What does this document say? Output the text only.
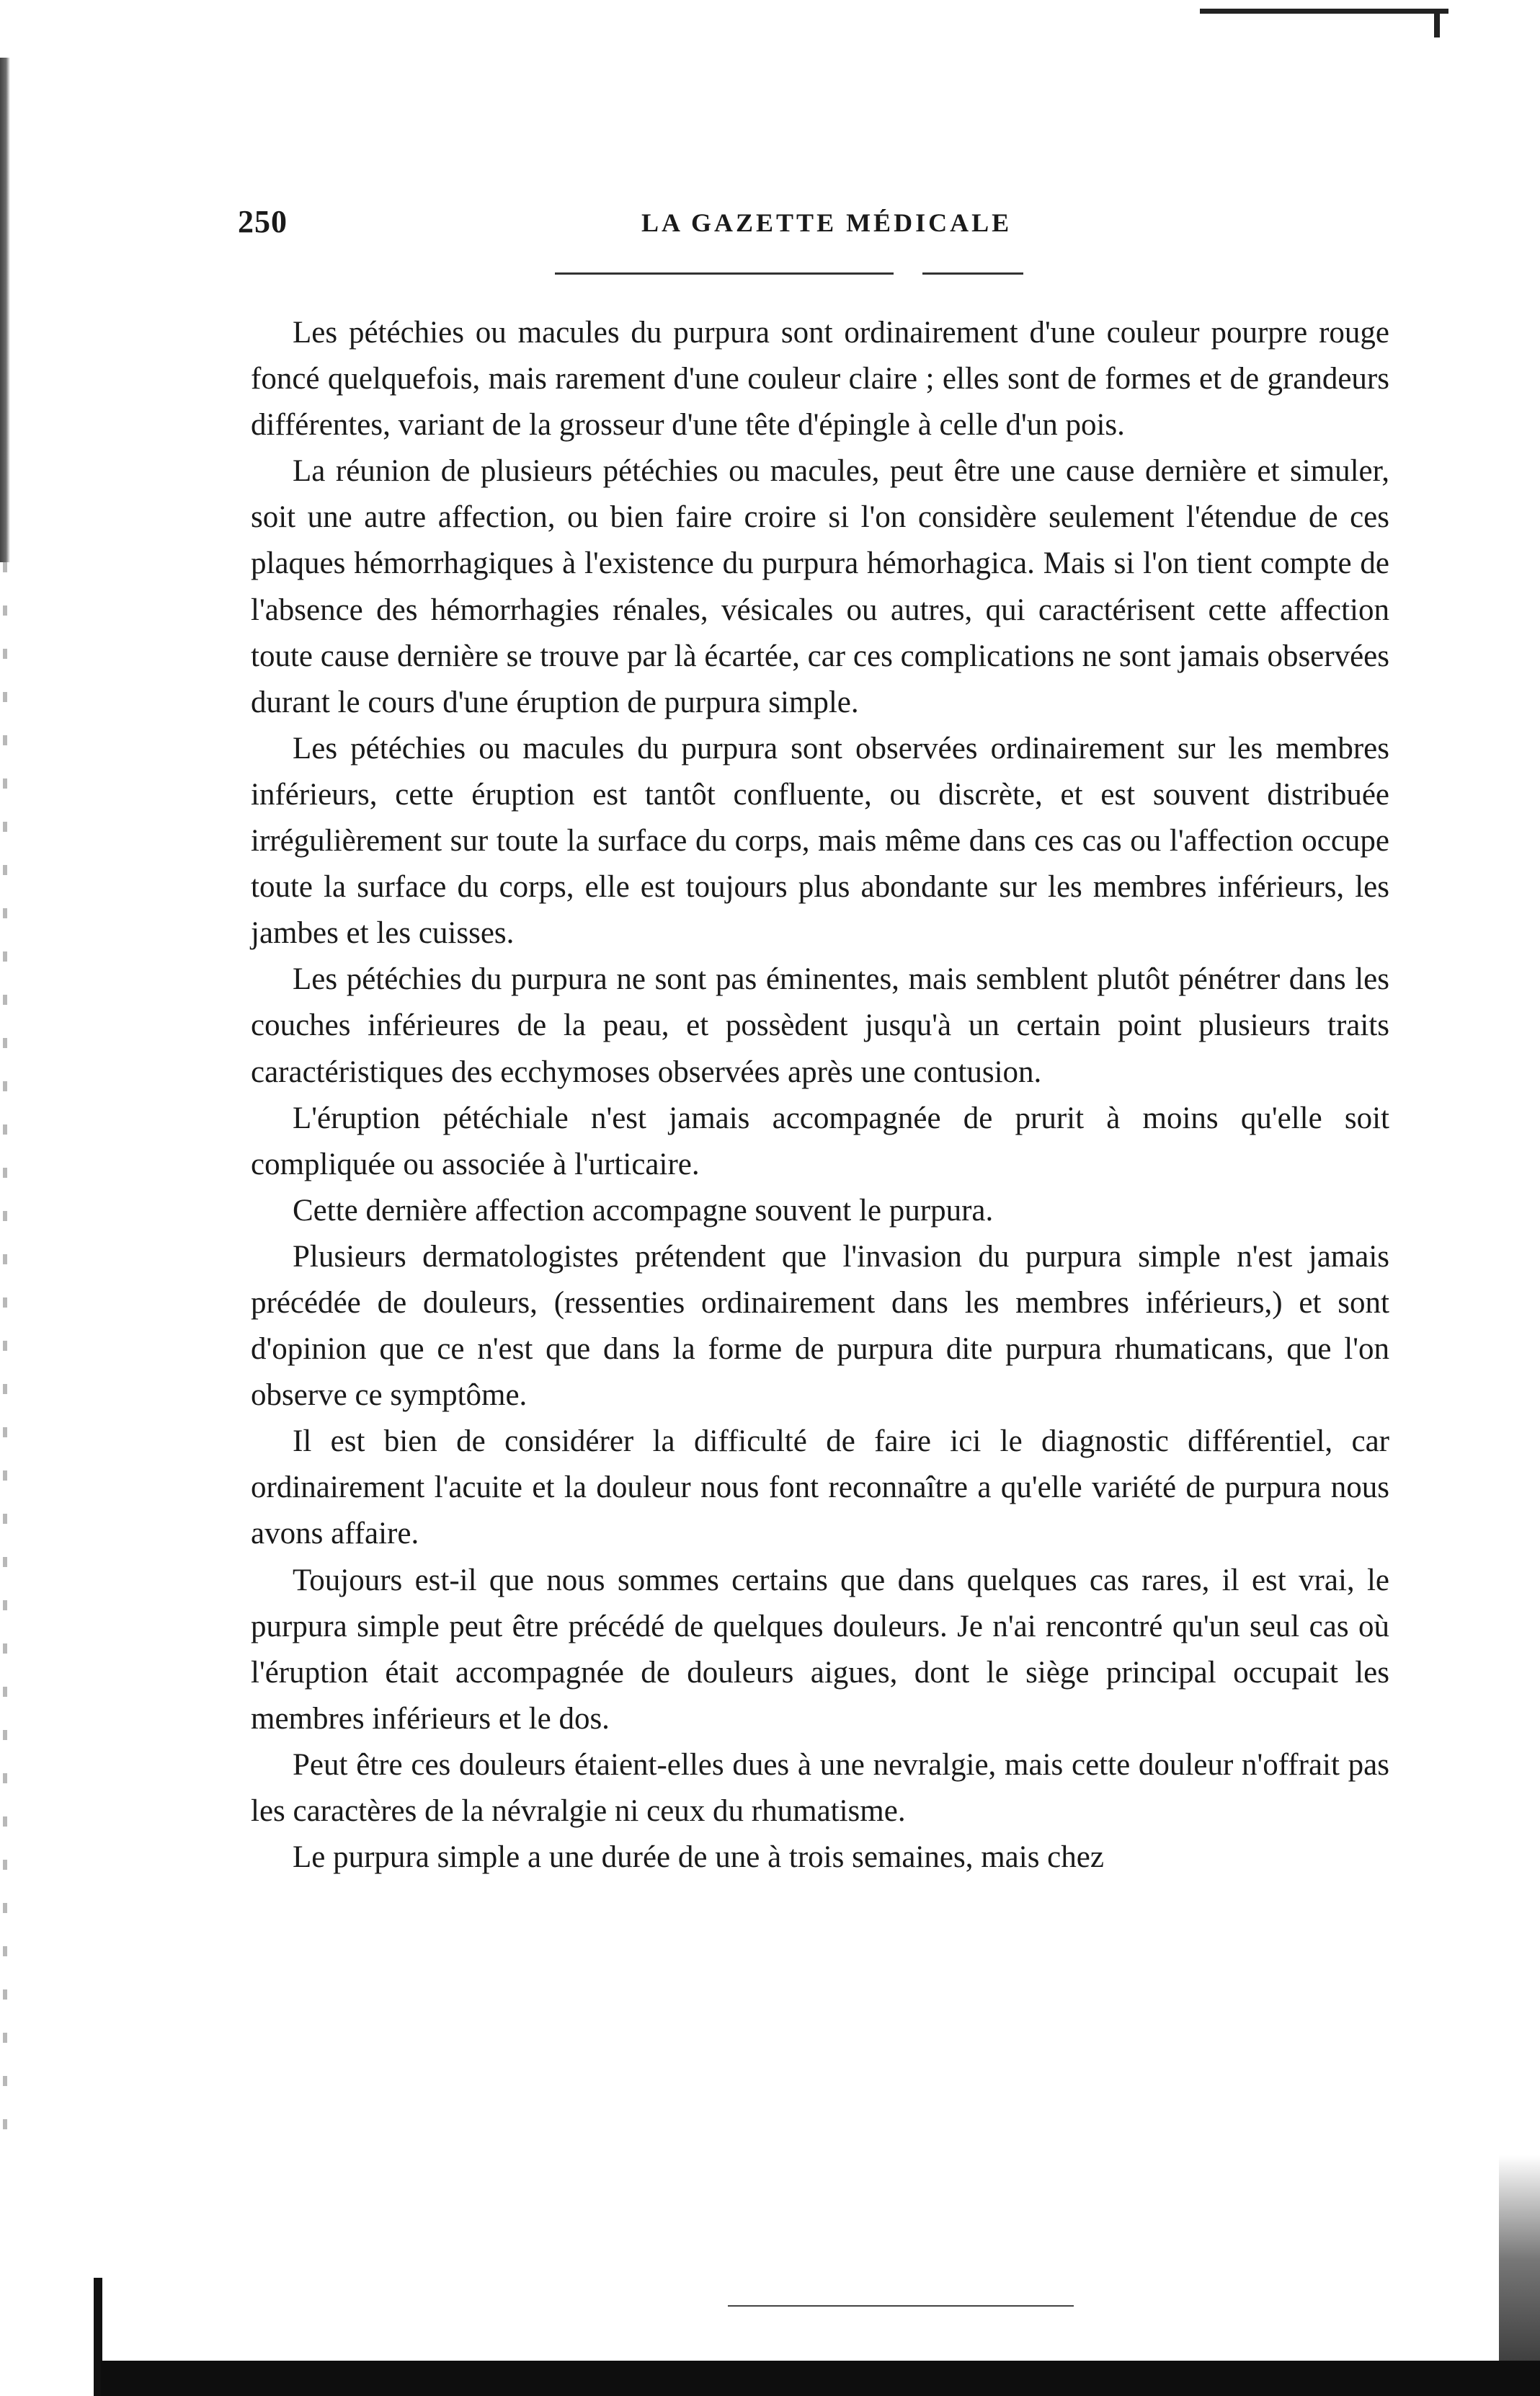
250	LA GAZETTE MÉDICALE

Les pétéchies ou macules du purpura sont ordinairement d'une couleur pourpre rouge foncé quelquefois, mais rarement d'une couleur claire ; elles sont de formes et de grandeurs différentes, variant de la grosseur d'une tête d'épingle à celle d'un pois.

La réunion de plusieurs pétéchies ou macules, peut être une cause dernière et simuler, soit une autre affection, ou bien faire croire si l'on considère seulement l'étendue de ces plaques hémorrhagiques à l'existence du purpura hémorhagica. Mais si l'on tient compte de l'absence des hémorrhagies rénales, vésicales ou autres, qui caractérisent cette affection toute cause dernière se trouve par là écartée, car ces complications ne sont jamais observées durant le cours d'une éruption de purpura simple.

Les pétéchies ou macules du purpura sont observées ordinairement sur les membres inférieurs, cette éruption est tantôt confluente, ou discrète, et est souvent distribuée irrégulièrement sur toute la surface du corps, mais même dans ces cas ou l'affection occupe toute la surface du corps, elle est toujours plus abondante sur les membres inférieurs, les jambes et les cuisses.

Les pétéchies du purpura ne sont pas éminentes, mais semblent plutôt pénétrer dans les couches inférieures de la peau, et possèdent jusqu'à un certain point plusieurs traits caractéristiques des ecchymoses observées après une contusion.

L'éruption pétéchiale n'est jamais accompagnée de prurit à moins qu'elle soit compliquée ou associée à l'urticaire.

Cette dernière affection accompagne souvent le purpura.

Plusieurs dermatologistes prétendent que l'invasion du purpura simple n'est jamais précédée de douleurs, (ressenties ordinairement dans les membres inférieurs,) et sont d'opinion que ce n'est que dans la forme de purpura dite purpura rhumaticans, que l'on observe ce symptôme.

Il est bien de considérer la difficulté de faire ici le diagnostic différentiel, car ordinairement l'acuite et la douleur nous font reconnaître a qu'elle variété de purpura nous avons affaire.

Toujours est-il que nous sommes certains que dans quelques cas rares, il est vrai, le purpura simple peut être précédé de quelques douleurs. Je n'ai rencontré qu'un seul cas où l'éruption était accompagnée de douleurs aigues, dont le siège principal occupait les membres inférieurs et le dos.

Peut être ces douleurs étaient-elles dues à une nevralgie, mais cette douleur n'offrait pas les caractères de la névralgie ni ceux du rhumatisme.

Le purpura simple a une durée de une à trois semaines, mais chez
